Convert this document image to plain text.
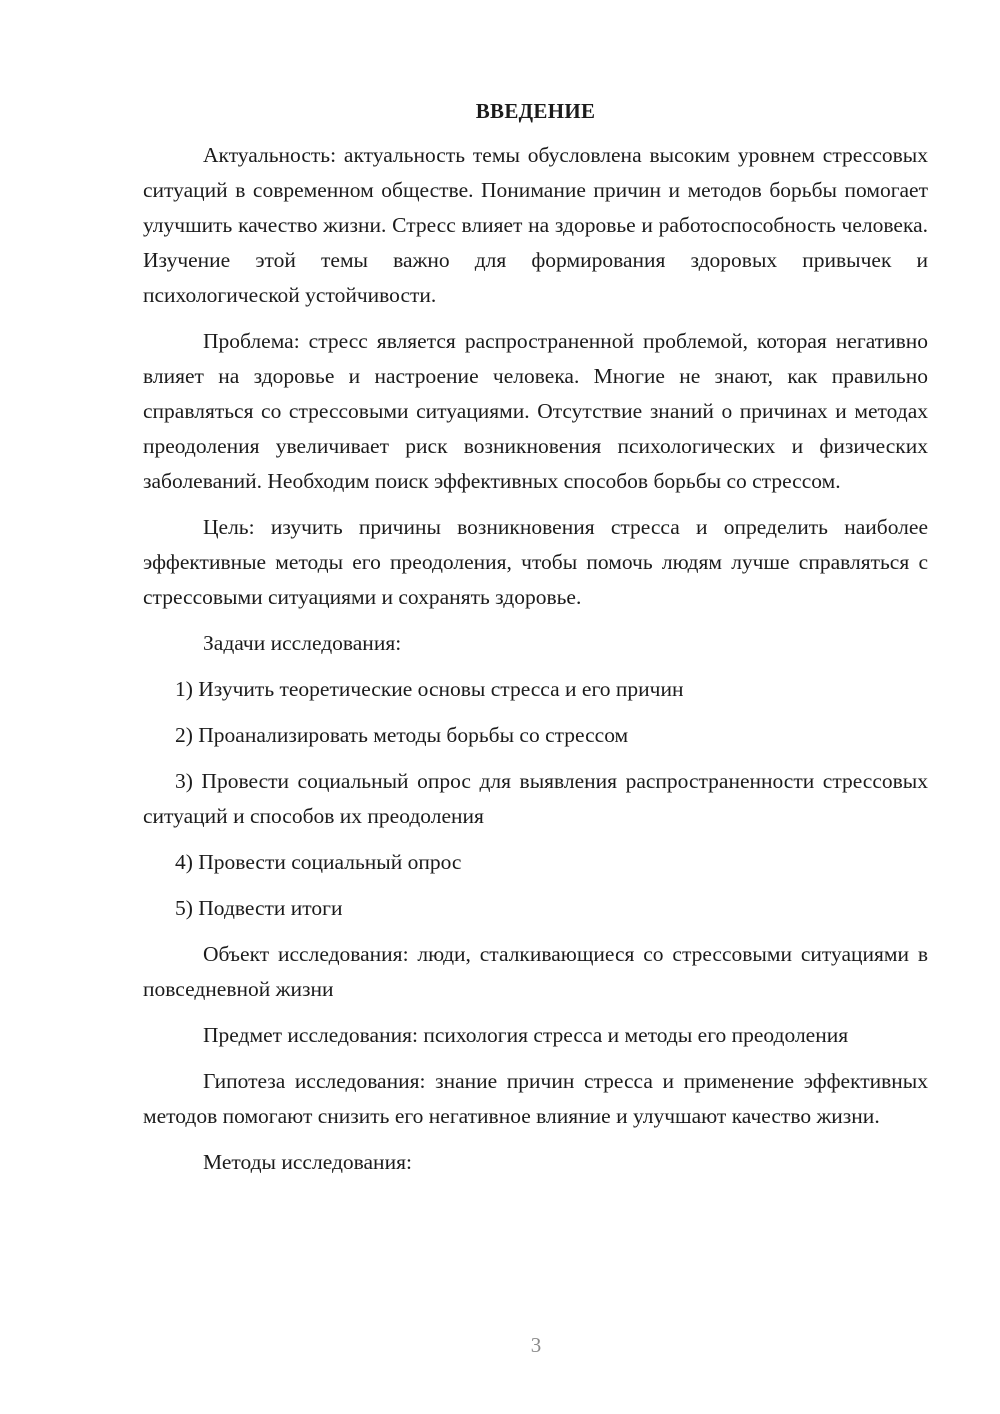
ВВЕДЕНИЕ

Актуальность: актуальность темы обусловлена высоким уровнем стрессовых ситуаций в современном обществе. Понимание причин и методов борьбы помогает улучшить качество жизни. Стресс влияет на здоровье и работоспособность человека. Изучение этой темы важно для формирования здоровых привычек и психологической устойчивости.

Проблема: стресс является распространенной проблемой, которая негативно влияет на здоровье и настроение человека. Многие не знают, как правильно справляться со стрессовыми ситуациями. Отсутствие знаний о причинах и методах преодоления увеличивает риск возникновения психологических и физических заболеваний. Необходим поиск эффективных способов борьбы со стрессом.

Цель: изучить причины возникновения стресса и определить наиболее эффективные методы его преодоления, чтобы помочь людям лучше справляться с стрессовыми ситуациями и сохранять здоровье.

Задачи исследования:

1) Изучить теоретические основы стресса и его причин

2) Проанализировать методы борьбы со стрессом

3) Провести социальный опрос для выявления распространенности стрессовых ситуаций и способов их преодоления

4) Провести социальный опрос

5) Подвести итоги

Объект исследования: люди, сталкивающиеся со стрессовыми ситуациями в повседневной жизни

Предмет исследования: психология стресса и методы его преодоления

Гипотеза исследования: знание причин стресса и применение эффективных методов помогают снизить его негативное влияние и улучшают качество жизни.

Методы исследования:

3
